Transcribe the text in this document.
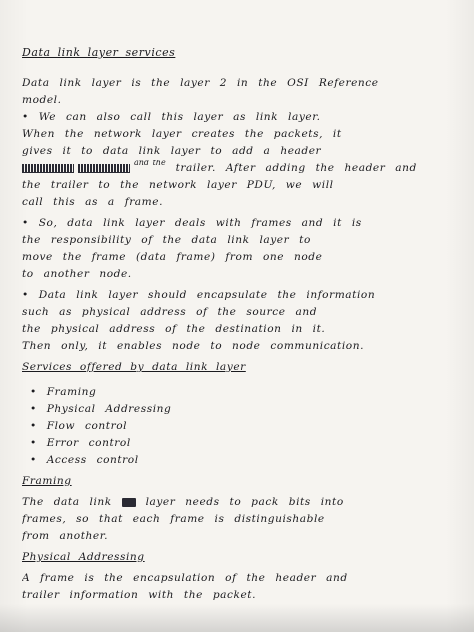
Data link layer services
Data link layer is the layer 2 in the OSI Reference
model.
• We can also call this layer as link layer.
When the network layer creates the packets, it
gives it to data link layer to add a header
$^{and the}$ trailer. After adding the header and
the trailer to the network layer PDU, we will
call this as a frame.
• So, data link layer deals with frames and it is
the responsibility of the data link layer to
move the frame (data frame) from one node
to another node.
• Data link layer should encapsulate the information
such as physical address of the source and
the physical address of the destination in it.
Then only, it enables node to node communication.
Services offered by data link layer
• Framing
• Physical Addressing
• Flow control
• Error control
• Access control
Framing
The data link	layer needs to pack bits into
frames, so that each frame is distinguishable
from another.
Physical Addressing
A frame is the encapsulation of the header and
trailer information with the packet.
